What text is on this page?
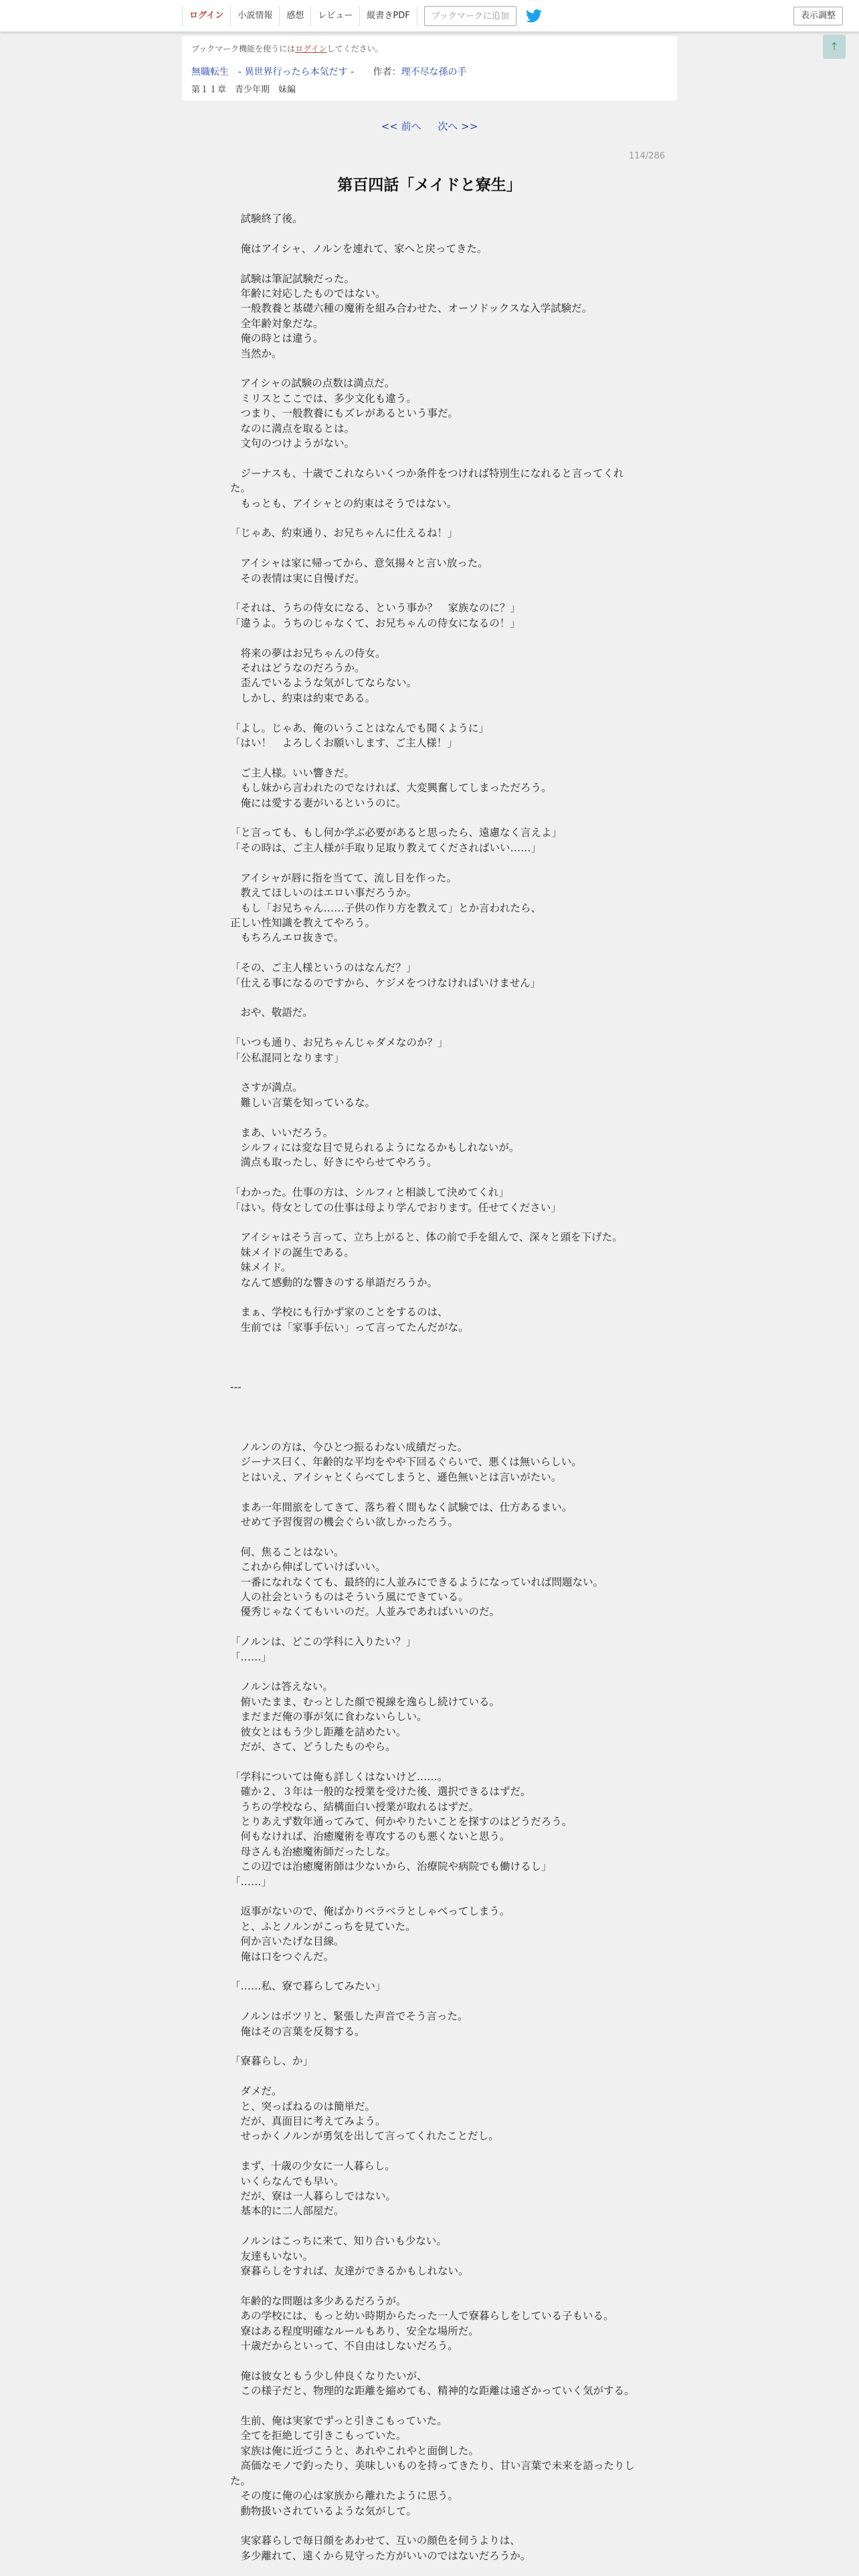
ログイン	小説情報	感想	レビュー	縦書きPDF	ブックマークに追加	表示調整
↑
ブックマーク機能を使うにはログインしてください。
無職転生　- 異世界行ったら本気だす - 作者：理不尽な孫の手
第１１章　青少年期　妹編
<< 前へ 次へ >>
114/286
第百四話「メイドと寮生」
　試験終了後。
　俺はアイシャ、ノルンを連れて、家へと戻ってきた。
　試験は筆記試験だった。
　年齢に対応したものではない。
　一般教養と基礎六種の魔術を組み合わせた、オーソドックスな入学試験だ。
　全年齢対象だな。
　俺の時とは違う。
　当然か。
　アイシャの試験の点数は満点だ。
　ミリスとここでは、多少文化も違う。
　つまり、一般教養にもズレがあるという事だ。
　なのに満点を取るとは。
　文句のつけようがない。
　ジーナスも、十歳でこれならいくつか条件をつければ特別生になれると言ってくれ
た。
　もっとも、アイシャとの約束はそうではない。
「じゃあ、約束通り、お兄ちゃんに仕えるね！」
　アイシャは家に帰ってから、意気揚々と言い放った。
　その表情は実に自慢げだ。
「それは、うちの侍女になる、という事か？　家族なのに？」
「違うよ。うちのじゃなくて、お兄ちゃんの侍女になるの！」
　将来の夢はお兄ちゃんの侍女。
　それはどうなのだろうか。
　歪んでいるような気がしてならない。
　しかし、約束は約束である。
「よし。じゃあ、俺のいうことはなんでも聞くように」
「はい！　よろしくお願いします、ご主人様！」
　ご主人様。いい響きだ。
　もし妹から言われたのでなければ、大変興奮してしまっただろう。
　俺には愛する妻がいるというのに。
「と言っても、もし何か学ぶ必要があると思ったら、遠慮なく言えよ」
「その時は、ご主人様が手取り足取り教えてくださればいい……」
　アイシャが唇に指を当てて、流し目を作った。
　教えてほしいのはエロい事だろうか。
　もし「お兄ちゃん……子供の作り方を教えて」とか言われたら、
正しい性知識を教えてやろう。
　もちろんエロ抜きで。
「その、ご主人様というのはなんだ？」
「仕える事になるのですから、ケジメをつけなければいけません」
　おや、敬語だ。
「いつも通り、お兄ちゃんじゃダメなのか？」
「公私混同となります」
　さすが満点。
　難しい言葉を知っているな。
　まあ、いいだろう。
　シルフィには変な目で見られるようになるかもしれないが。
　満点も取ったし、好きにやらせてやろう。
「わかった。仕事の方は、シルフィと相談して決めてくれ」
「はい。侍女としての仕事は母より学んでおります。任せてください」
　アイシャはそう言って、立ち上がると、体の前で手を組んで、深々と頭を下げた。
　妹メイドの誕生である。
　妹メイド。
　なんて感動的な響きのする単語だろうか。
　まぁ、学校にも行かず家のことをするのは、
　生前では「家事手伝い」って言ってたんだがな。
---
　ノルンの方は、今ひとつ振るわない成績だった。
　ジーナス曰く、年齢的な平均をやや下回るぐらいで、悪くは無いらしい。
　とはいえ、アイシャとくらべてしまうと、遜色無いとは言いがたい。
　まあ一年間旅をしてきて、落ち着く間もなく試験では、仕方あるまい。
　せめて予習復習の機会ぐらい欲しかったろう。
　何、焦ることはない。
　これから伸ばしていけばいい。
　一番になれなくても、最終的に人並みにできるようになっていれば問題ない。
　人の社会というものはそういう風にできている。
　優秀じゃなくてもいいのだ。人並みであればいいのだ。
「ノルンは、どこの学科に入りたい？」
「……」
　ノルンは答えない。
　俯いたまま、むっとした顔で視線を逸らし続けている。
　まだまだ俺の事が気に食わないらしい。
　彼女とはもう少し距離を詰めたい。
　だが、さて、どうしたものやら。
「学科については俺も詳しくはないけど……。
　確か２、３年は一般的な授業を受けた後、選択できるはずだ。
　うちの学校なら、結構面白い授業が取れるはずだ。
　とりあえず数年通ってみて、何かやりたいことを探すのはどうだろう。
　何もなければ、治癒魔術を専攻するのも悪くないと思う。
　母さんも治癒魔術師だったしな。
　この辺では治癒魔術師は少ないから、治療院や病院でも働けるし」
「……」
　返事がないので、俺ばかりベラベラとしゃべってしまう。
　と、ふとノルンがこっちを見ていた。
　何か言いたげな目線。
　俺は口をつぐんだ。
「……私、寮で暮らしてみたい」
　ノルンはボツリと、緊張した声音でそう言った。
　俺はその言葉を反芻する。
「寮暮らし、か」
　ダメだ。
　と、突っぱねるのは簡単だ。
　だが、真面目に考えてみよう。
　せっかくノルンが勇気を出して言ってくれたことだし。
　まず、十歳の少女に一人暮らし。
　いくらなんでも早い。
　だが、寮は一人暮らしではない。
　基本的に二人部屋だ。
　ノルンはこっちに来て、知り合いも少ない。
　友達もいない。
　寮暮らしをすれば、友達ができるかもしれない。
　年齢的な問題は多少あるだろうが。
　あの学校には、もっと幼い時期からたった一人で寮暮らしをしている子もいる。
　寮はある程度明確なルールもあり、安全な場所だ。
　十歳だからといって、不自由はしないだろう。
　俺は彼女ともう少し仲良くなりたいが、
　この様子だと、物理的な距離を縮めても、精神的な距離は遠ざかっていく気がする。
　生前、俺は実家でずっと引きこもっていた。
　全てを拒絶して引きこもっていた。
　家族は俺に近づこうと、あれやこれやと面倒した。
　高価なモノで釣ったり、美味しいものを持ってきたり、甘い言葉で未来を語ったりし
た。
　その度に俺の心は家族から離れたように思う。
　動物扱いされているような気がして。
　実家暮らしで毎日顔をあわせて、互いの顔色を伺うよりは、
　多少離れて、遠くから見守った方がいいのではないだろうか。
